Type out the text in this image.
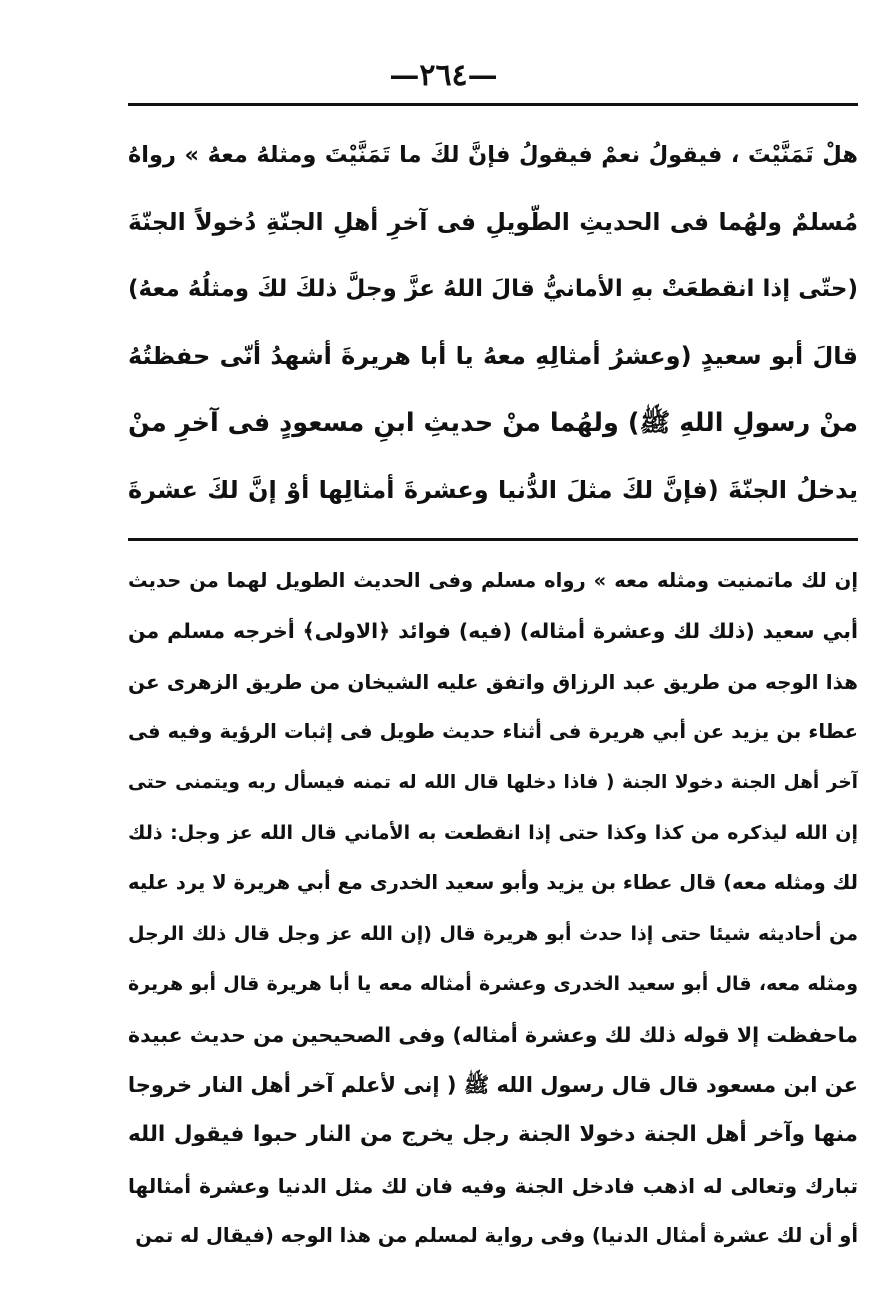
—٢٦٤—
هلْ تَمَنَّيْتَ ، فيقولُ نعمْ فيقولُ فإنَّ لكَ ما تَمَنَّيْتَ ومثلهُ معهُ » رواهُ
مُسلمٌ ولهُما فى الحديثِ الطّويلِ فى آخرِ أهلِ الجنّةِ دُخولاً الجنّةَ
(حتّى إذا انقطعَتْ بهِ الأمانيُّ قالَ اللهُ عزَّ وجلَّ ذلكَ لكَ ومثلُهُ معهُ)
قالَ أبو سعيدٍ (وعشرُ أمثالِهِ معهُ يا أبا هريرةَ أشهدُ أنّى حفظتُهُ
منْ رسولِ اللهِ ﷺ) ولهُما منْ حديثِ ابنِ مسعودٍ فى آخرِ منْ
يدخلُ الجنّةَ (فإنَّ لكَ مثلَ الدُّنيا وعشرةَ أمثالِها أوْ إنَّ لكَ عشرةَ
إن لك ماتمنيت ومثله معه » رواه مسلم وفى الحديث الطويل لهما من حديث
أبي سعيد (ذلك لك وعشرة أمثاله) (فيه) فوائد ﴿الاولى﴾ أخرجه مسلم من
هذا الوجه من طريق عبد الرزاق واتفق عليه الشيخان من طريق الزهرى عن
عطاء بن يزيد عن أبي هريرة فى أثناء حديث طويل فى إثبات الرؤية وفيه فى
آخر أهل الجنة دخولا الجنة ( فاذا دخلها قال الله له تمنه فيسأل ربه ويتمنى حتى
إن الله ليذكره من كذا وكذا حتى إذا انقطعت به الأماني قال الله عز وجل: ذلك
لك ومثله معه) قال عطاء بن يزيد وأبو سعيد الخدرى مع أبي هريرة لا يرد عليه
من أحاديثه شيئا حتى إذا حدث أبو هريرة قال (إن الله عز وجل قال ذلك الرجل
ومثله معه، قال أبو سعيد الخدرى وعشرة أمثاله معه يا أبا هريرة قال أبو هريرة
ماحفظت إلا قوله ذلك لك وعشرة أمثاله) وفى الصحيحين من حديث عبيدة
عن ابن مسعود قال قال رسول الله ﷺ ( إنى لأعلم آخر أهل النار خروجا
منها وآخر أهل الجنة دخولا الجنة رجل يخرج من النار حبوا فيقول الله
تبارك وتعالى له اذهب فادخل الجنة وفيه فان لك مثل الدنيا وعشرة أمثالها
أو أن لك عشرة أمثال الدنيا) وفى رواية لمسلم من هذا الوجه (فيقال له تمن
